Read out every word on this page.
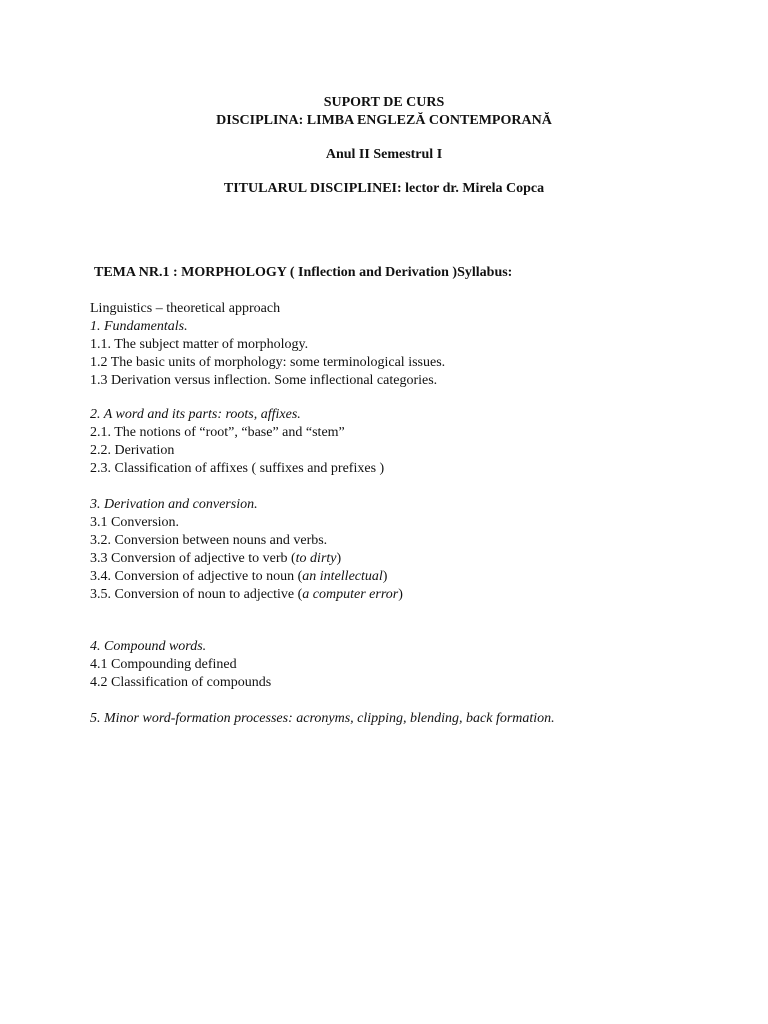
SUPORT DE CURS
DISCIPLINA: LIMBA ENGLEZĂ CONTEMPORANĂ
Anul II Semestrul I
TITULARUL DISCIPLINEI: lector dr. Mirela Copca
TEMA NR.1 : MORPHOLOGY ( Inflection and Derivation )Syllabus:
Linguistics – theoretical approach
1. Fundamentals.
1.1. The subject matter of morphology.
1.2 The basic units of morphology: some terminological issues.
1.3 Derivation versus inflection. Some inflectional categories.
2. A word and its parts: roots, affixes.
2.1. The notions of “root”, “base” and “stem”
2.2. Derivation
2.3. Classification of affixes ( suffixes and prefixes )
3. Derivation and conversion.
3.1 Conversion.
3.2. Conversion between nouns and verbs.
3.3 Conversion of adjective to verb (to dirty)
3.4. Conversion of adjective to noun (an intellectual)
3.5. Conversion of noun to adjective (a computer error)
4. Compound words.
4.1 Compounding defined
4.2 Classification of compounds
5. Minor word-formation processes: acronyms, clipping, blending, back formation.
